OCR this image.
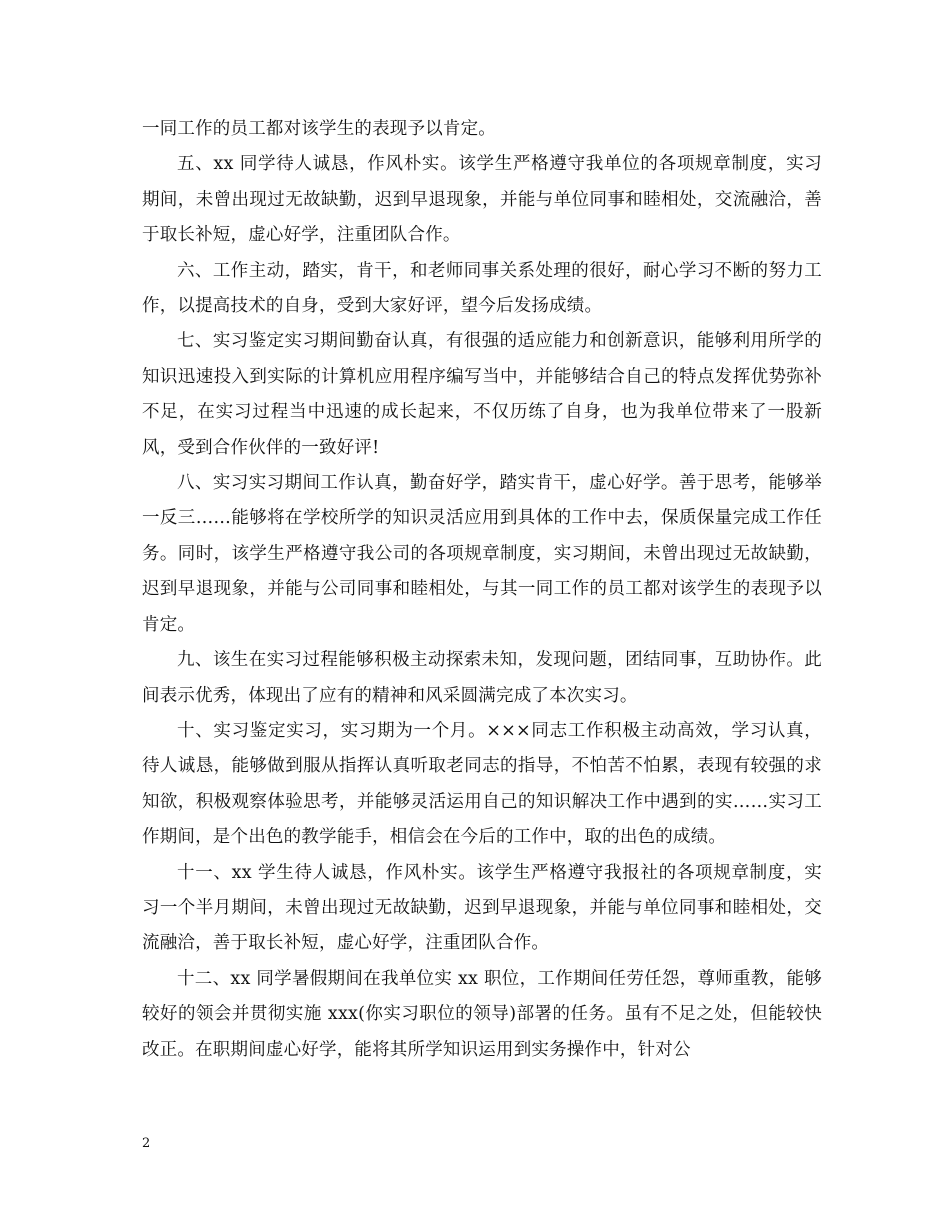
一同工作的员工都对该学生的表现予以肯定。

五、xx 同学待人诚恳，作风朴实。该学生严格遵守我单位的各项规章制度，实习期间，未曾出现过无故缺勤，迟到早退现象，并能与单位同事和睦相处，交流融洽，善于取长补短，虚心好学，注重团队合作。

六、工作主动，踏实，肯干，和老师同事关系处理的很好，耐心学习不断的努力工作，以提高技术的自身，受到大家好评，望今后发扬成绩。

七、实习鉴定实习期间勤奋认真，有很强的适应能力和创新意识，能够利用所学的知识迅速投入到实际的计算机应用程序编写当中，并能够结合自己的特点发挥优势弥补不足，在实习过程当中迅速的成长起来，不仅历练了自身，也为我单位带来了一股新风，受到合作伙伴的一致好评!

八、实习实习期间工作认真，勤奋好学，踏实肯干，虚心好学。善于思考，能够举一反三……能够将在学校所学的知识灵活应用到具体的工作中去，保质保量完成工作任务。同时，该学生严格遵守我公司的各项规章制度，实习期间，未曾出现过无故缺勤，迟到早退现象，并能与公司同事和睦相处，与其一同工作的员工都对该学生的表现予以肯定。

九、该生在实习过程能够积极主动探索未知，发现问题，团结同事，互助协作。此间表示优秀，体现出了应有的精神和风采圆满完成了本次实习。

十、实习鉴定实习，实习期为一个月。×××同志工作积极主动高效，学习认真，待人诚恳，能够做到服从指挥认真听取老同志的指导，不怕苦不怕累，表现有较强的求知欲，积极观察体验思考，并能够灵活运用自己的知识解决工作中遇到的实……实习工作期间，是个出色的教学能手，相信会在今后的工作中，取的出色的成绩。

十一、xx 学生待人诚恳，作风朴实。该学生严格遵守我报社的各项规章制度，实习一个半月期间，未曾出现过无故缺勤，迟到早退现象，并能与单位同事和睦相处，交流融洽，善于取长补短，虚心好学，注重团队合作。

十二、xx 同学暑假期间在我单位实 xx 职位，工作期间任劳任怨，尊师重教，能够较好的领会并贯彻实施 xxx(你实习职位的领导)部署的任务。虽有不足之处，但能较快改正。在职期间虚心好学，能将其所学知识运用到实务操作中，针对公

2
